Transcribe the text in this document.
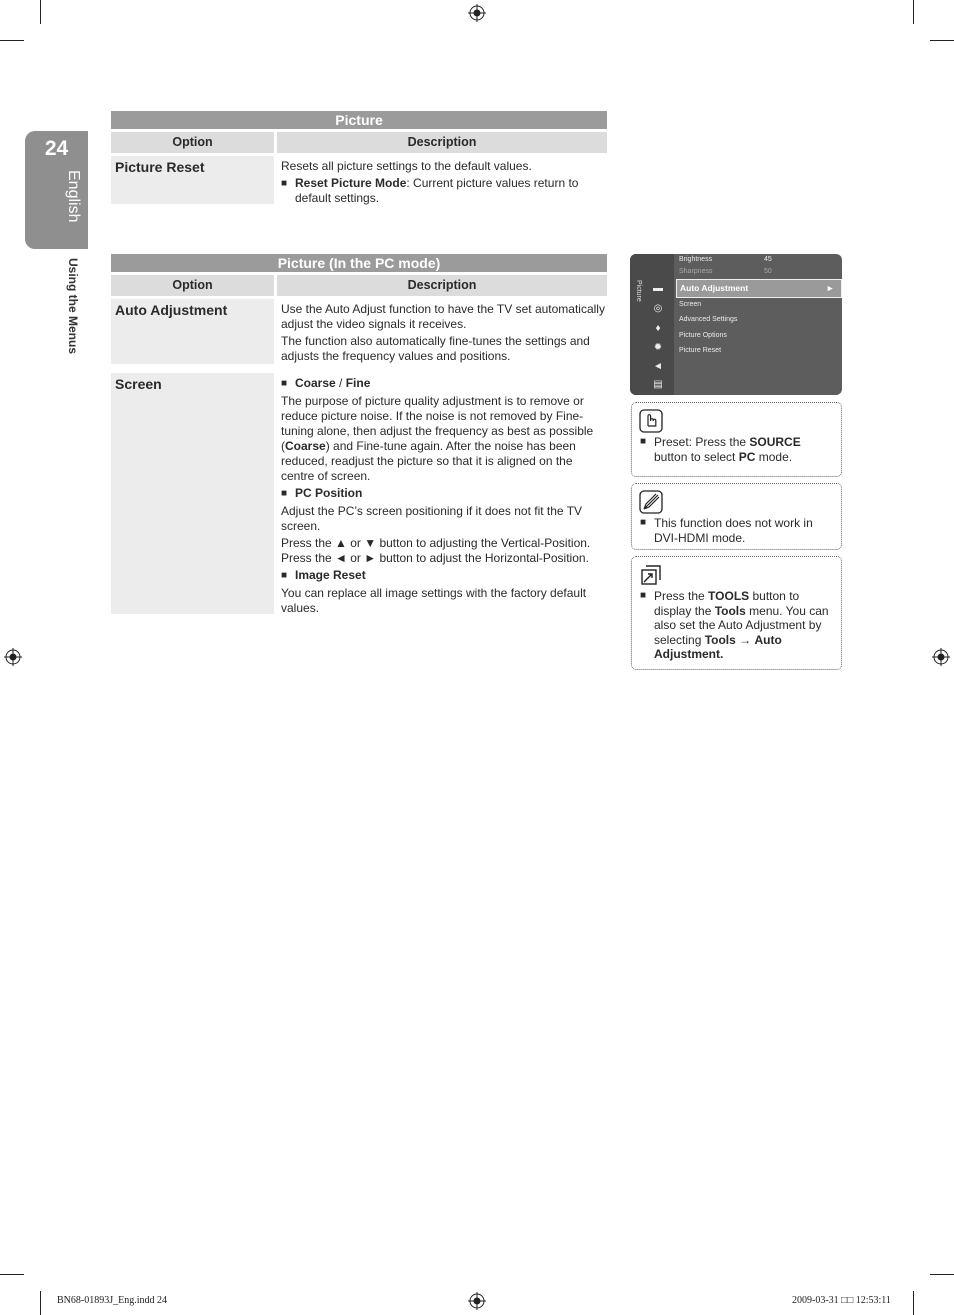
24
English
Using the Menus
Picture
Option	Description
Picture Reset	Resets all picture settings to the default values.

■
Reset Picture Mode: Current picture values return to default settings.
Picture (In the PC mode)
Option	Description
Auto Adjustment	Use the Auto Adjust function to have the TV set automatically adjust the video signals it receives.

The function also automatically fine-tunes the settings and adjusts the frequency values and positions.

Screen
■	Coarse / Fine

The purpose of picture quality adjustment is to remove or reduce picture noise. If the noise is not removed by Fine-tuning alone, then adjust the frequency as best as possible (Coarse) and Fine-tune again. After the noise has been reduced, readjust the picture so that it is aligned on the centre of screen.

■
PC Position

Adjust the PC’s screen positioning if it does not fit the TV screen.

Press the ▲ or ▼ button to adjusting the Vertical-Position. Press the ◄ or ► button to adjust the Horizontal-Position.

■
Image Reset

You can replace all image settings with the factory default values.

Picture ▬
◎
♦
✹
◄
▤
Brightness	45
Sharpness	50
Auto Adjustment	►
Screen
Advanced Settings
Picture Options
Picture Reset
■
Preset: Press the SOURCE button to select PC mode.
■
This function does not work in DVI-HDMI mode.
■
Press the TOOLS button to display the Tools menu. You can also set the Auto Adjustment by selecting Tools → Auto Adjustment.
BN68-01893J_Eng.indd 24	2009-03-31 □□ 12:53:11
